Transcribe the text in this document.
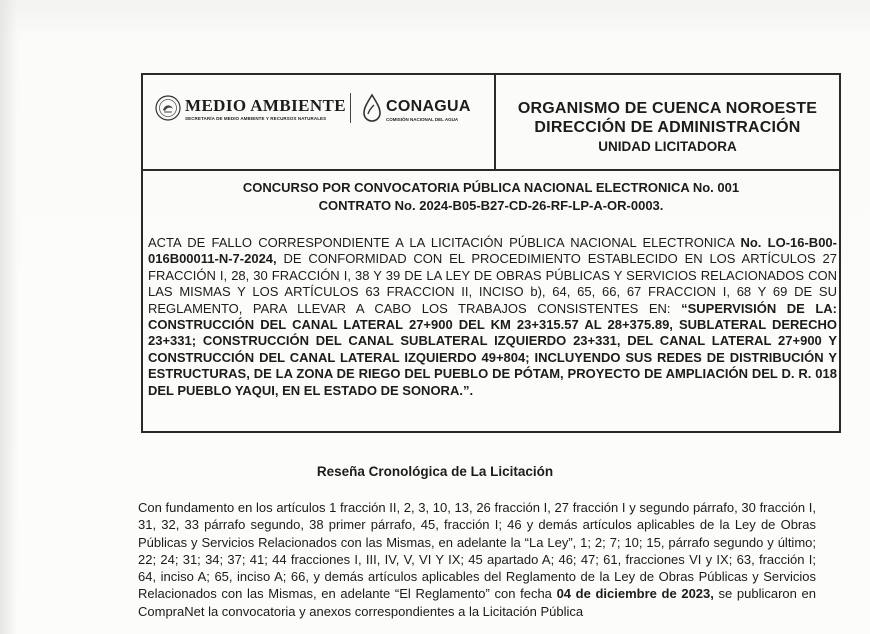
MEDIO AMBIENTE
SECRETARÍA DE MEDIO AMBIENTE Y RECURSOS NATURALES
CONAGUA
COMISIÓN NACIONAL DEL AGUA
ORGANISMO DE CUENCA NOROESTE
DIRECCIÓN DE ADMINISTRACIÓN
UNIDAD LICITADORA
CONCURSO POR CONVOCATORIA PÚBLICA NACIONAL ELECTRONICA No. 001
CONTRATO No. 2024-B05-B27-CD-26-RF-LP-A-OR-0003.
ACTA DE FALLO CORRESPONDIENTE A LA LICITACIÓN PÚBLICA NACIONAL ELECTRONICA No. LO-16-B00-016B00011-N-7-2024, DE CONFORMIDAD CON EL PROCEDIMIENTO ESTABLECIDO EN LOS ARTÍCULOS 27 FRACCIÓN I, 28, 30 FRACCIÓN I, 38 Y 39 DE LA LEY DE OBRAS PÚBLICAS Y SERVICIOS RELACIONADOS CON LAS MISMAS Y LOS ARTÍCULOS 63 FRACCION II, INCISO b), 64, 65, 66, 67 FRACCION I, 68 Y 69 DE SU REGLAMENTO, PARA LLEVAR A CABO LOS TRABAJOS CONSISTENTES EN: “SUPERVISIÓN DE LA: CONSTRUCCIÓN DEL CANAL LATERAL 27+900 DEL KM 23+315.57 AL 28+375.89, SUBLATERAL DERECHO 23+331; CONSTRUCCIÓN DEL CANAL SUBLATERAL IZQUIERDO 23+331, DEL CANAL LATERAL 27+900 Y CONSTRUCCIÓN DEL CANAL LATERAL IZQUIERDO 49+804; INCLUYENDO SUS REDES DE DISTRIBUCIÓN Y ESTRUCTURAS, DE LA ZONA DE RIEGO DEL PUEBLO DE PÓTAM, PROYECTO DE AMPLIACIÓN DEL D. R. 018 DEL PUEBLO YAQUI, EN EL ESTADO DE SONORA.”.
Reseña Cronológica de La Licitación
Con fundamento en los artículos 1 fracción II, 2, 3, 10, 13, 26 fracción I, 27 fracción I y segundo párrafo, 30 fracción I, 31, 32, 33 párrafo segundo, 38 primer párrafo, 45, fracción I; 46 y demás artículos aplicables de la Ley de Obras Públicas y Servicios Relacionados con las Mismas, en adelante la “La Ley”, 1; 2; 7; 10; 15, párrafo segundo y último; 22; 24; 31; 34; 37; 41; 44 fracciones I, III, IV, V, VI Y IX; 45 apartado A; 46; 47; 61, fracciones VI y IX; 63, fracción I; 64, inciso A; 65, inciso A; 66, y demás artículos aplicables del Reglamento de la Ley de Obras Públicas y Servicios Relacionados con las Mismas, en adelante “El Reglamento” con fecha 04 de diciembre de 2023, se publicaron en CompraNet la convocatoria y anexos correspondientes a la Licitación Pública
